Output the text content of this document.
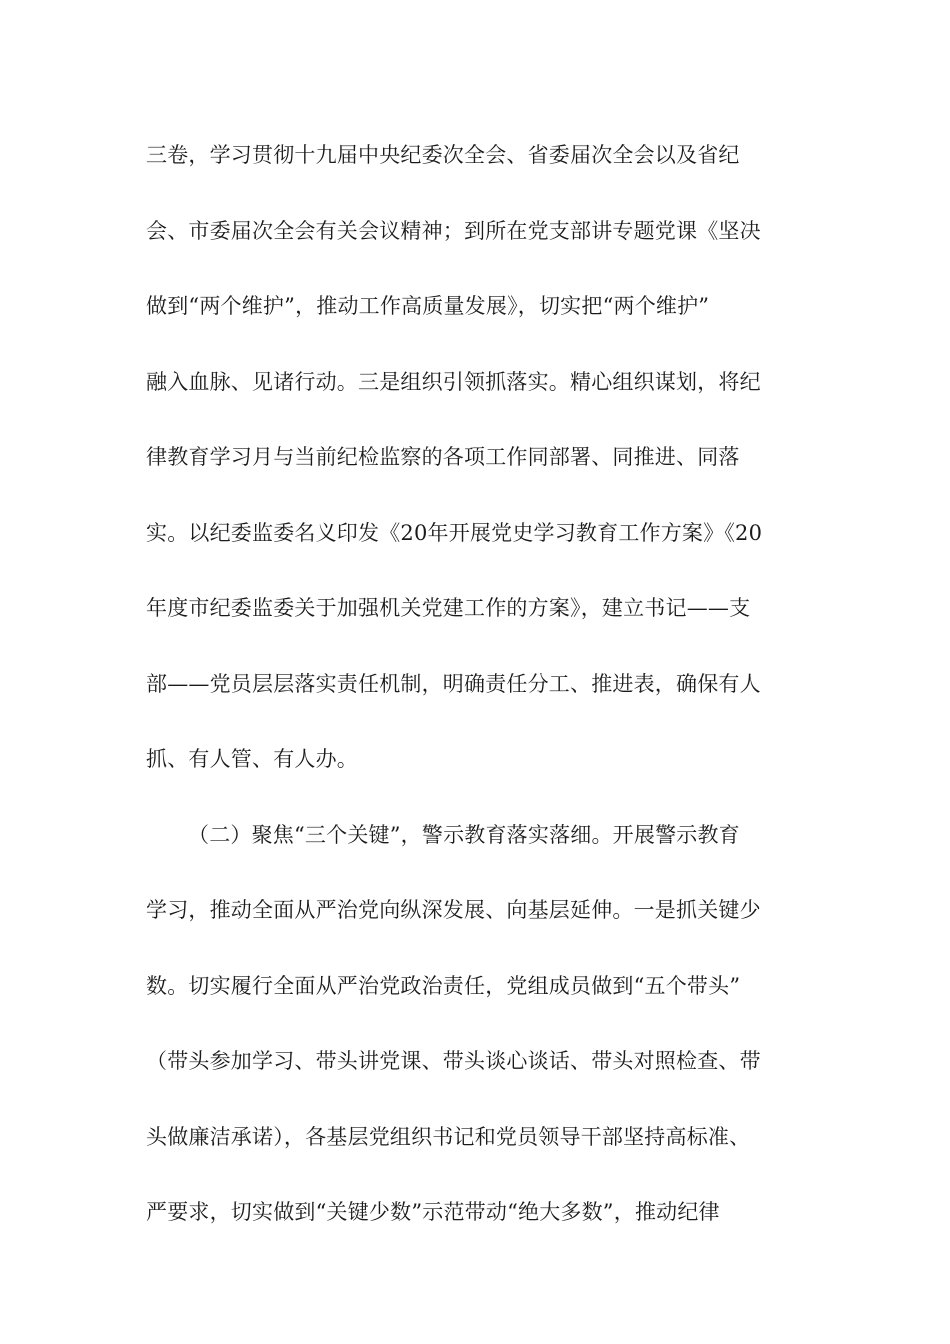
三卷，学习贯彻十九届中央纪委次全会、省委届次全会以及省纪
会、市委届次全会有关会议精神；到所在党支部讲专题党课《坚决
做到“两个维护”，推动工作高质量发展》，切实把“两个维护”
融入血脉、见诸行动。三是组织引领抓落实。精心组织谋划，将纪
律教育学习月与当前纪检监察的各项工作同部署、同推进、同落
实。以纪委监委名义印发《20年开展党史学习教育工作方案》《20
年度市纪委监委关于加强机关党建工作的方案》，建立书记——支
部——党员层层落实责任机制，明确责任分工、推进表，确保有人
抓、有人管、有人办。
（二）聚焦“三个关键”，警示教育落实落细。开展警示教育
学习，推动全面从严治党向纵深发展、向基层延伸。一是抓关键少
数。切实履行全面从严治党政治责任，党组成员做到“五个带头”
（带头参加学习、带头讲党课、带头谈心谈话、带头对照检查、带
头做廉洁承诺），各基层党组织书记和党员领导干部坚持高标准、
严要求，切实做到“关键少数”示范带动“绝大多数”，推动纪律
